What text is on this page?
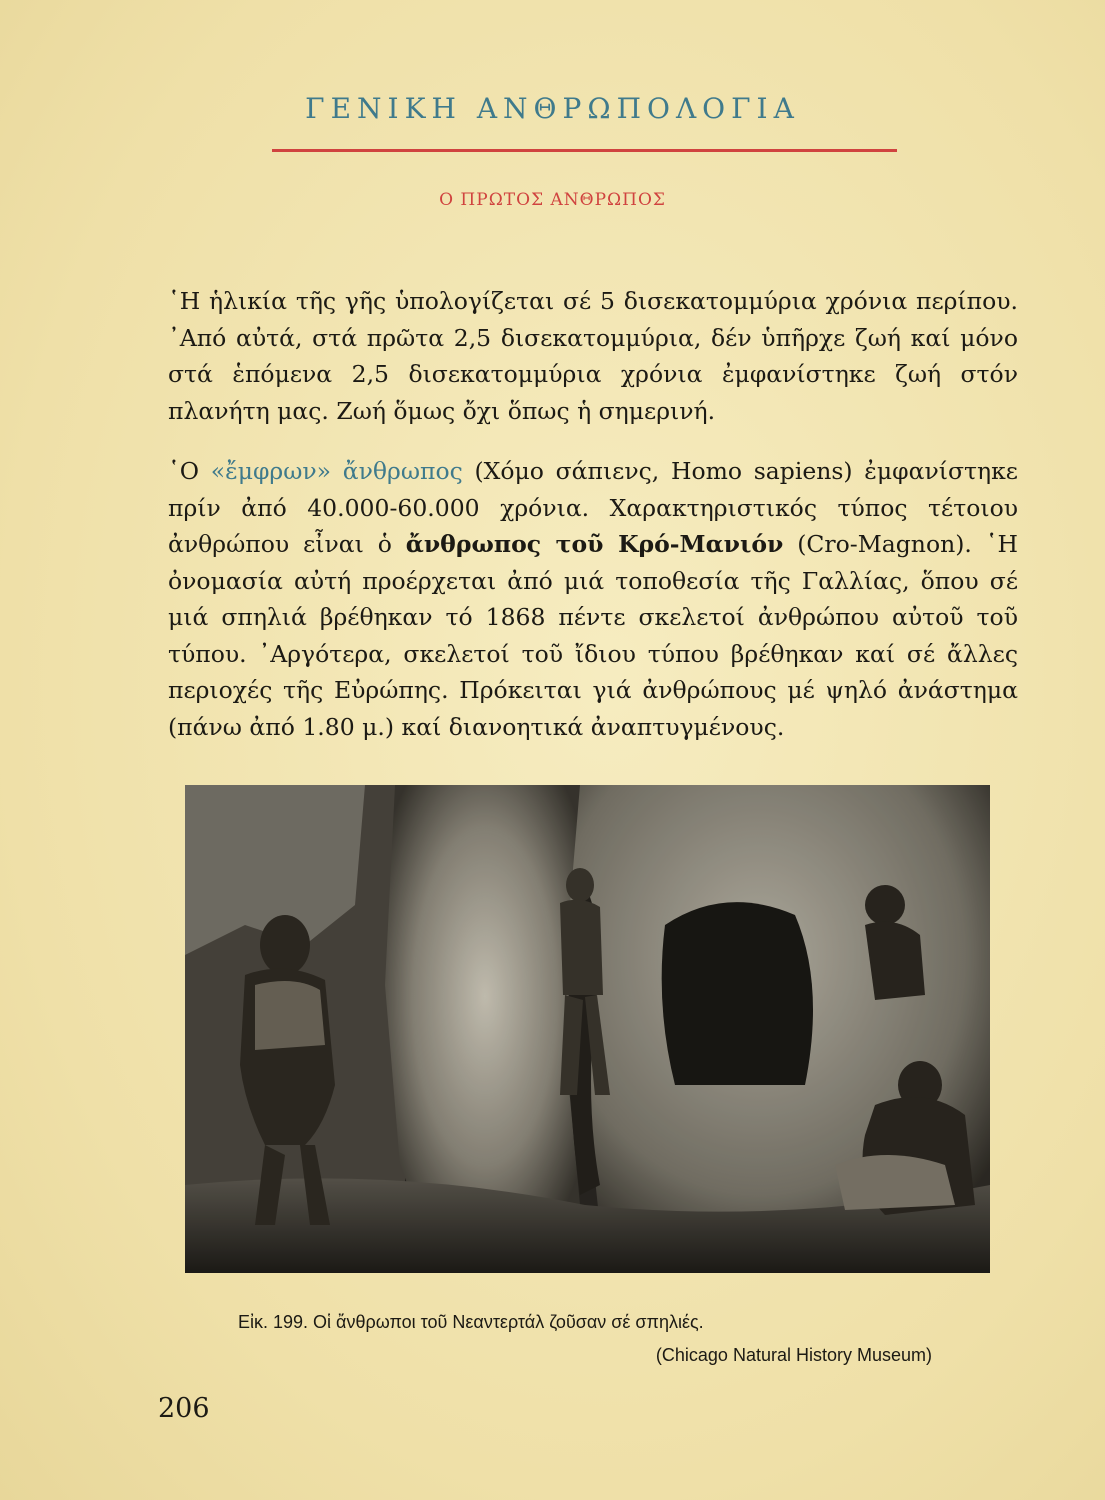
ΓΕΝΙΚΗ ΑΝΘΡΩΠΟΛΟΓΙΑ
Ο ΠΡΩΤΟΣ ΑΝΘΡΩΠΟΣ

῾Η ἡλικία τῆς γῆς ὑπολογίζεται σέ 5 δισεκατομμύρια χρόνια περίπου. ᾿Από αὐτά, στά πρῶτα 2,5 δισεκατομμύρια, δέν ὑπῆρχε ζωή καί μόνο στά ἑπόμενα 2,5 δισεκατομμύρια χρόνια ἐμφανίστηκε ζωή στόν πλανήτη μας. Ζωή ὅμως ὄχι ὅπως ἡ σημερινή.

῾Ο «ἔμφρων» ἄνθρωπος (Χόμο σάπιενς, Homo sapiens) ἐμφανίστηκε πρίν ἀπό 40.000-60.000 χρόνια. Χαρακτηριστικός τύπος τέτοιου ἀνθρώπου εἶναι ὁ ἄνθρωπος τοῦ Κρό-Μανιόν (Cro-Magnon). ῾Η ὀνομασία αὐτή προέρχεται ἀπό μιά τοποθεσία τῆς Γαλλίας, ὅπου σέ μιά σπηλιά βρέθηκαν τό 1868 πέντε σκελετοί ἀνθρώπου αὐτοῦ τοῦ τύπου. ᾿Αργότερα, σκελετοί τοῦ ἴδιου τύπου βρέθηκαν καί σέ ἄλλες περιοχές τῆς Εὐρώπης. Πρόκειται γιά ἀνθρώπους μέ ψηλό ἀνάστημα (πάνω ἀπό 1.80 μ.) καί διανοητικά ἀναπτυγμένους.

Εἰκ. 199. Οἱ ἄνθρωποι τοῦ Νεαντερτάλ ζοῦσαν σέ σπηλιές.
(Chicago Natural History Museum)
206
